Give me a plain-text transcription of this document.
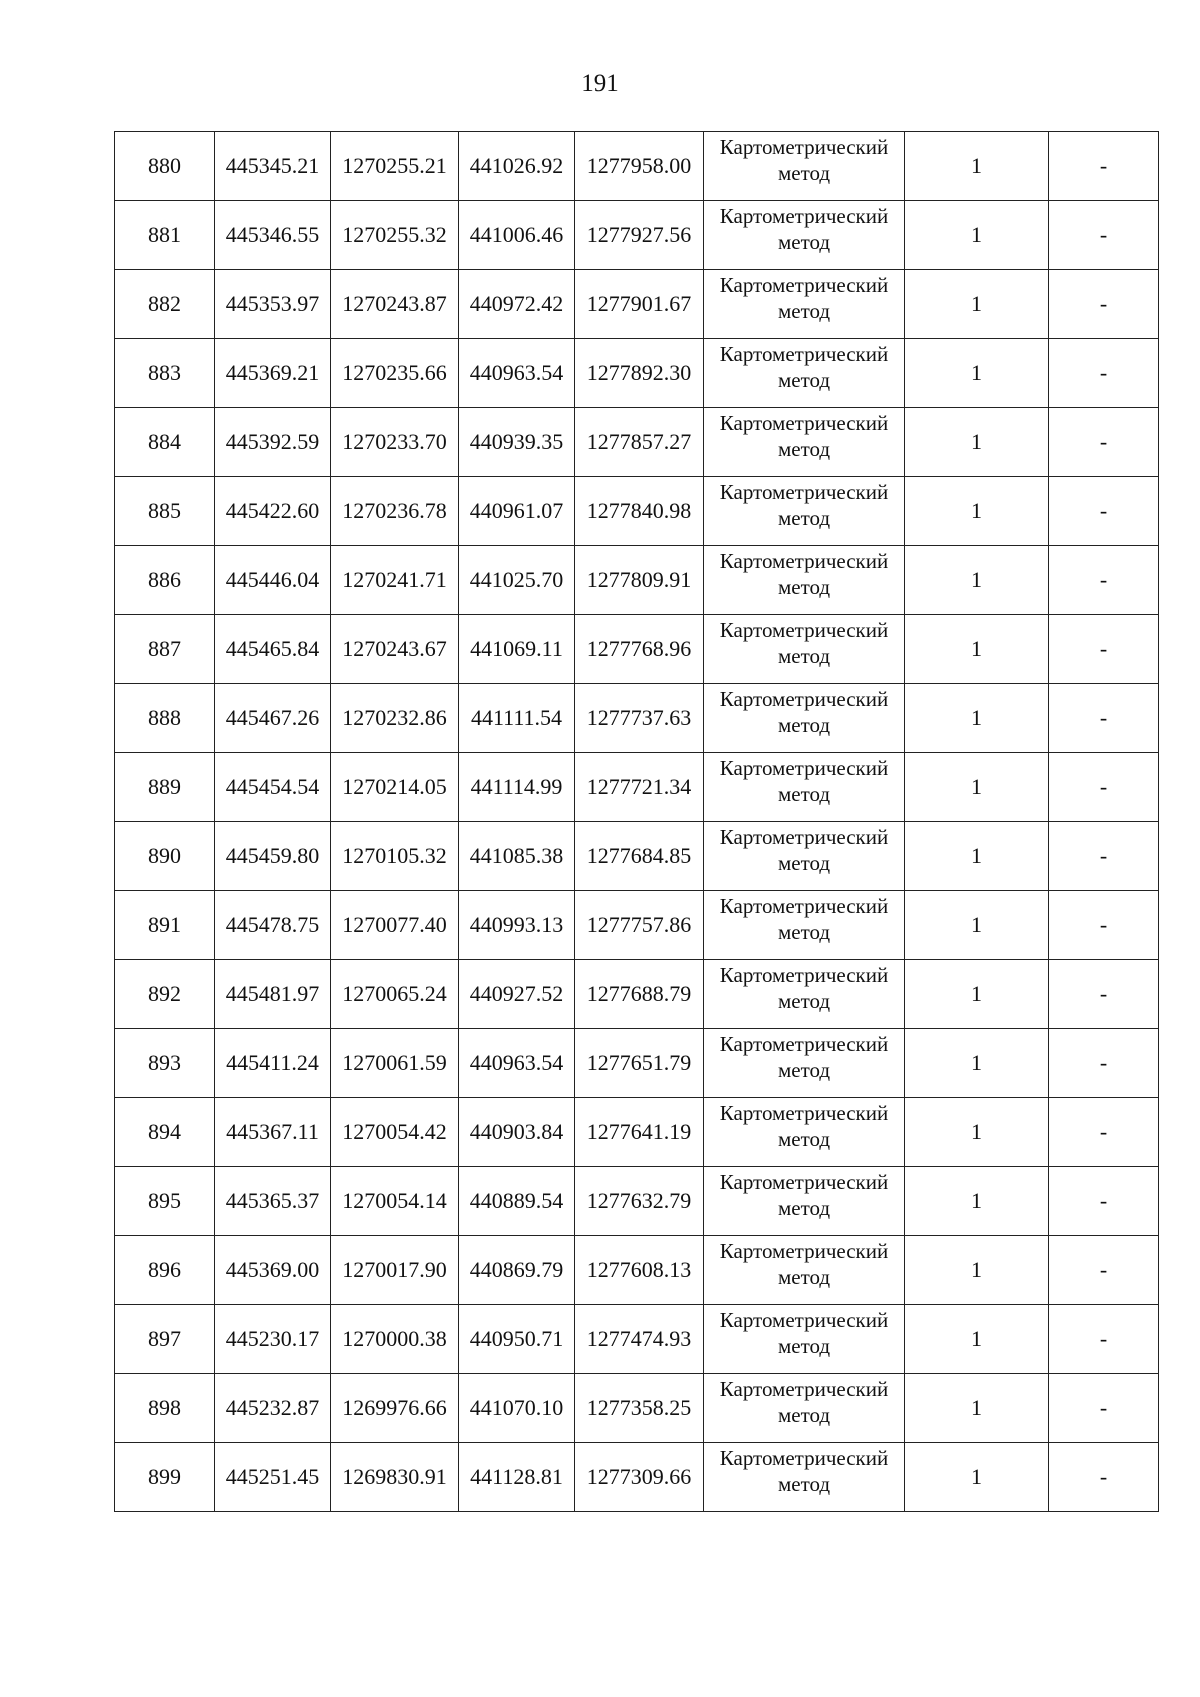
191
880	445345.21	1270255.21	441026.92	1277958.00	Картометрический
метод	1	-
881	445346.55	1270255.32	441006.46	1277927.56	Картометрический
метод	1	-
882	445353.97	1270243.87	440972.42	1277901.67	Картометрический
метод	1	-
883	445369.21	1270235.66	440963.54	1277892.30	Картометрический
метод	1	-
884	445392.59	1270233.70	440939.35	1277857.27	Картометрический
метод	1	-
885	445422.60	1270236.78	440961.07	1277840.98	Картометрический
метод	1	-
886	445446.04	1270241.71	441025.70	1277809.91	Картометрический
метод	1	-
887	445465.84	1270243.67	441069.11	1277768.96	Картометрический
метод	1	-
888	445467.26	1270232.86	441111.54	1277737.63	Картометрический
метод	1	-
889	445454.54	1270214.05	441114.99	1277721.34	Картометрический
метод	1	-
890	445459.80	1270105.32	441085.38	1277684.85	Картометрический
метод	1	-
891	445478.75	1270077.40	440993.13	1277757.86	Картометрический
метод	1	-
892	445481.97	1270065.24	440927.52	1277688.79	Картометрический
метод	1	-
893	445411.24	1270061.59	440963.54	1277651.79	Картометрический
метод	1	-
894	445367.11	1270054.42	440903.84	1277641.19	Картометрический
метод	1	-
895	445365.37	1270054.14	440889.54	1277632.79	Картометрический
метод	1	-
896	445369.00	1270017.90	440869.79	1277608.13	Картометрический
метод	1	-
897	445230.17	1270000.38	440950.71	1277474.93	Картометрический
метод	1	-
898	445232.87	1269976.66	441070.10	1277358.25	Картометрический
метод	1	-
899	445251.45	1269830.91	441128.81	1277309.66	Картометрический
метод	1	-
